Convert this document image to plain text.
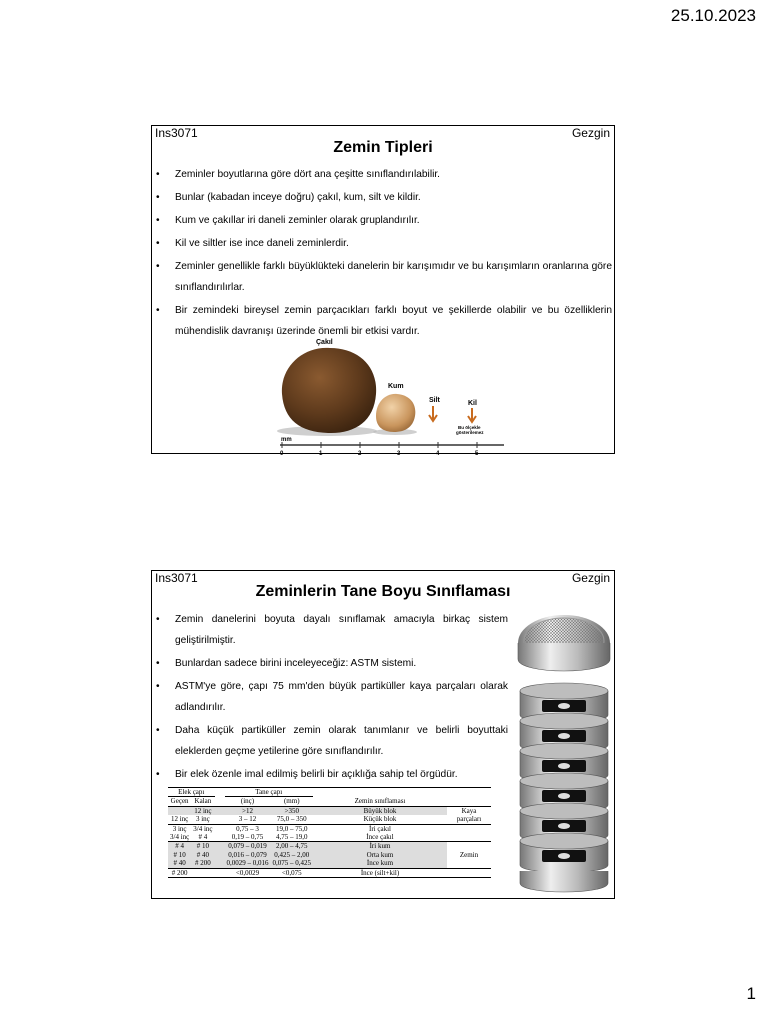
25.10.2023
Ins3071	Gezgin
Zemin Tipleri
• Zeminler boyutlarına göre dört ana çeşitte sınıflandırılabilir.
• Bunlar (kabadan inceye doğru) çakıl, kum, silt ve kildir.
• Kum ve çakıllar iri daneli zeminler olarak gruplandırılır.
• Kil ve siltler ise ince daneli zeminlerdir.
• Zeminler genellikle farklı büyüklükteki danelerin bir karışımıdır ve bu karışımların oranlarına göre sınıflandırılırlar.
• Bir zemindeki bireysel zemin parçacıkları farklı boyut ve şekillerde olabilir ve bu özelliklerin mühendislik davranışı üzerinde önemli bir etkisi vardır.
Çakıl
Kum
Silt	Kil
Bu ölçekle
gösterilemez
mm
0	1	2	3	4	5
Ins3071	Gezgin
Zeminlerin Tane Boyu Sınıflaması
• Zemin danelerini boyuta dayalı sınıflamak amacıyla birkaç sistem geliştirilmiştir.
• Bunlardan sadece birini inceleyeceğiz: ASTM sistemi.
• ASTM'ye göre, çapı 75 mm'den büyük partiküller kaya parçaları olarak adlandırılır.
• Daha küçük partiküller zemin olarak tanımlanır ve belirli boyuttaki eleklerden geçme yetilerine göre sınıflandırılır.
• Bir elek özenle imal edilmiş belirli bir açıklığa sahip tel örgüdür.
Elek çapı			Tane çapı			
Geçen	Kalan		(inç)	(mm)	Zemin sınıflaması	
	12 inç		>12	>350	Büyük blok	Kaya
12 inç	3 inç		3 – 12	75,0 – 350	Küçük blok	parçaları
3 inç	3/4 inç		0,75 – 3	19,0 – 75,0	İri çakıl	
3/4 inç	# 4		0,19 – 0,75	4,75 – 19,0	İnce çakıl	
# 4	# 10		0,079 – 0,019	2,00 – 4,75	İri kum	
# 10	# 40		0,016 – 0,079	0,425 – 2,00	Orta kum	Zemin
# 40	# 200		0,0029 – 0,016	0,075 – 0,425	İnce kum	
# 200			<0,0029	<0,075	İnce (silt+kil)	
1
